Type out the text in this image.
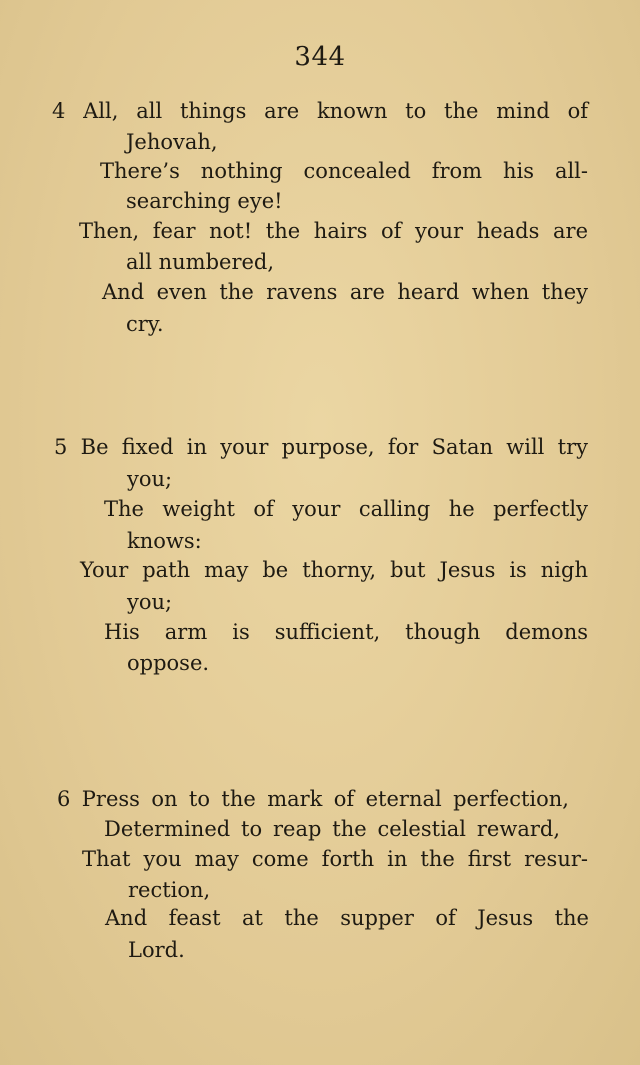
344
4 All, all things are known to the mind of
Jehovah,
There’s nothing concealed from his all-
searching eye!
Then, fear not! the hairs of your heads are
all numbered,
And even the ravens are heard when they
cry.
5 Be fixed in your purpose, for Satan will try
you;
The weight of your calling he perfectly
knows:
Your path may be thorny, but Jesus is nigh
you;
His arm is sufficient, though demons
oppose.
6 Press on to the mark of eternal perfection,
Determined to reap the celestial reward,
That you may come forth in the first resur-
rection,
And feast at the supper of Jesus the
Lord.
